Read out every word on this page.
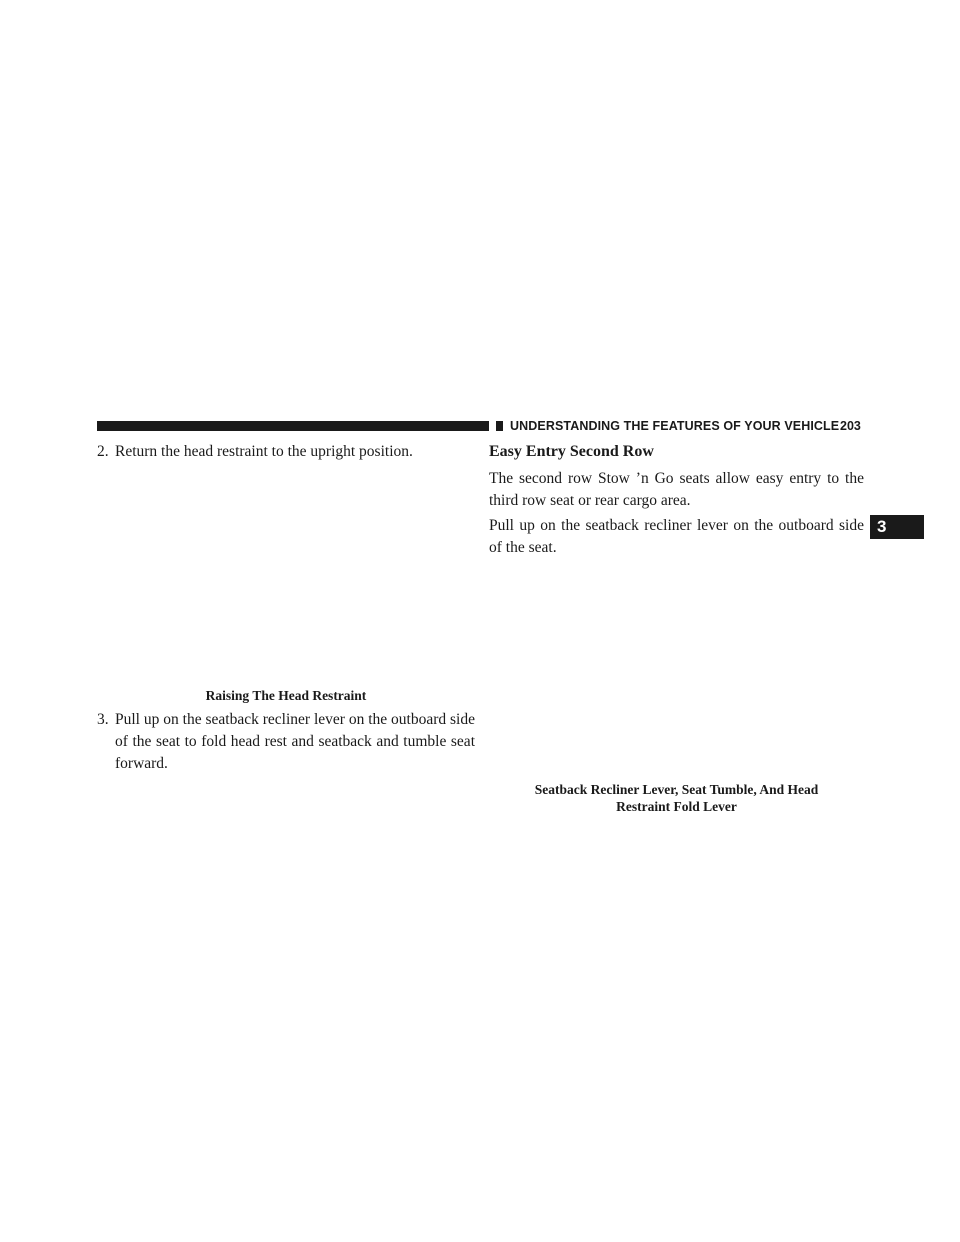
UNDERSTANDING THE FEATURES OF YOUR VEHICLE 203
3
2. Return the head restraint to the upright position.
Raising The Head Restraint
3. Pull up on the seatback recliner lever on the outboard side of the seat to fold head rest and seatback and tumble seat forward.
Easy Entry Second Row
The second row Stow ’n Go seats allow easy entry to the third row seat or rear cargo area.
Pull up on the seatback recliner lever on the outboard side of the seat.
Seatback Recliner Lever, Seat Tumble, And Head
Restraint Fold Lever
